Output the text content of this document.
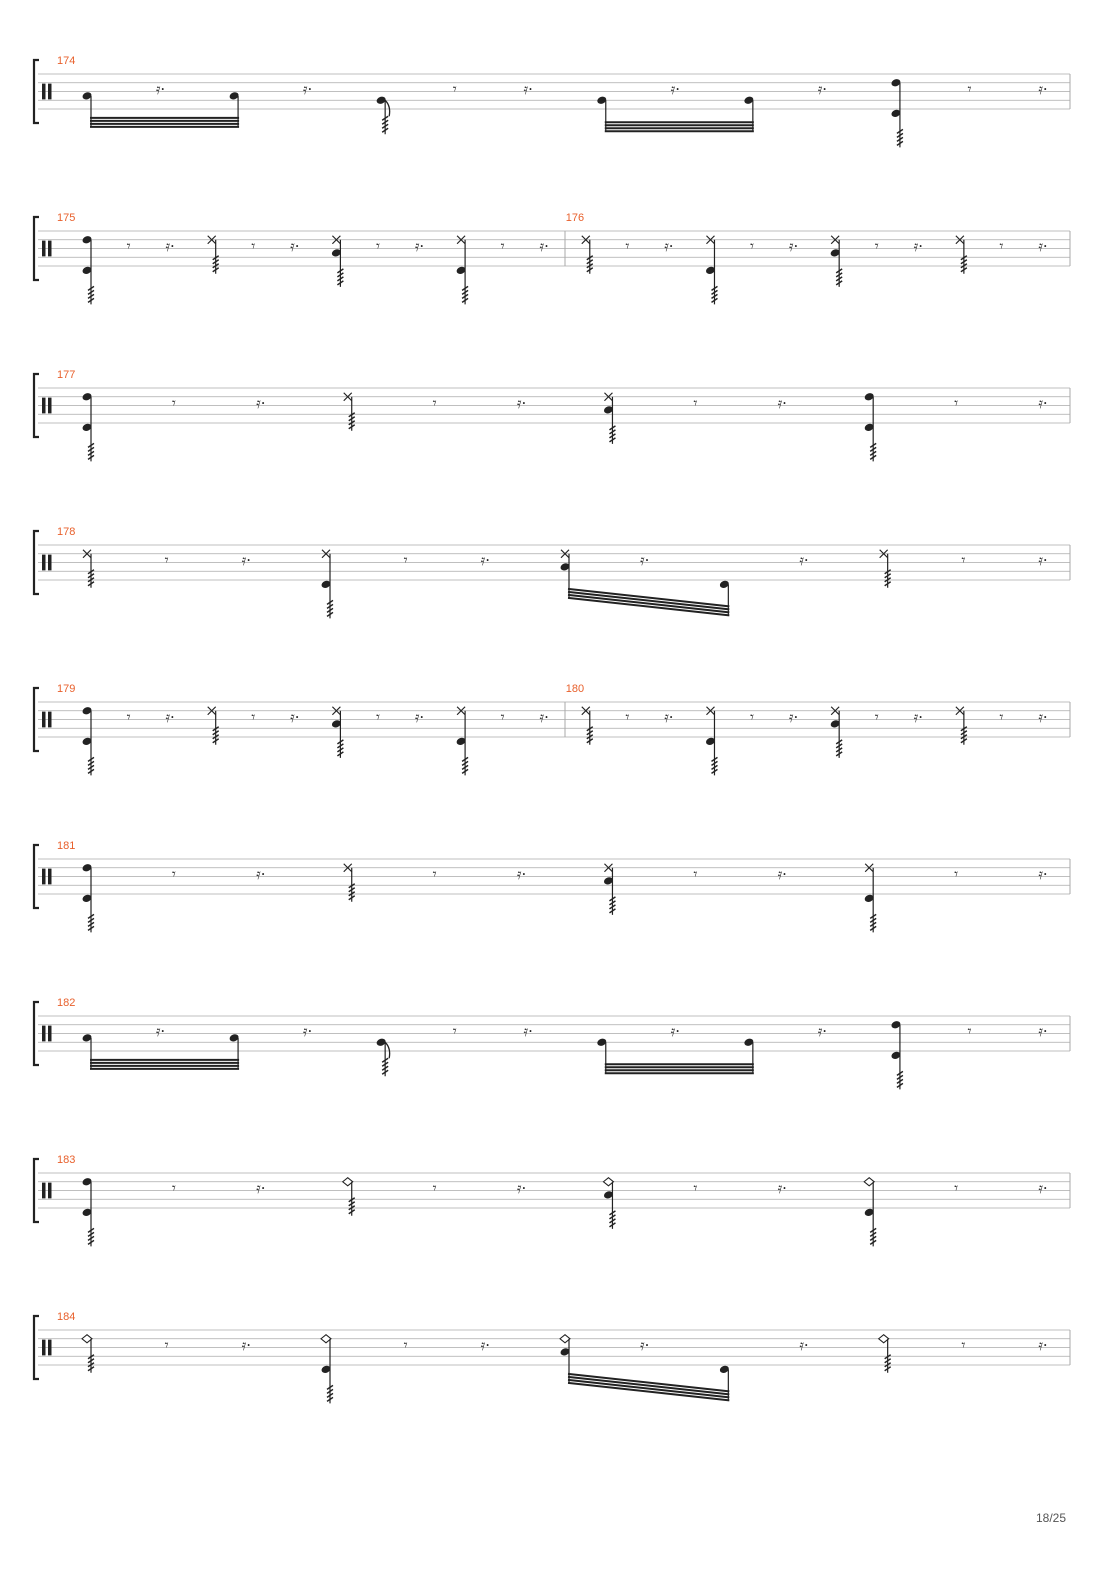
𝄿·	𝄿·	𝄾	𝄿·	𝄿·	𝄿·	𝄾	𝄿·
174
𝄾 𝄿·	𝄾 𝄿·	𝄾 𝄿·	𝄾 𝄿·	𝄾 𝄿·	𝄾 𝄿·	𝄾 𝄿·	𝄾 𝄿·
175	176
𝄾	𝄿·	𝄾	𝄿·	𝄾	𝄿·	𝄾	𝄿·
177
𝄾	𝄿·	𝄾	𝄿·	𝄿·	𝄿·	𝄾	𝄿·
178
𝄾 𝄿·	𝄾 𝄿·	𝄾 𝄿·	𝄾 𝄿·	𝄾 𝄿·	𝄾 𝄿·	𝄾 𝄿·	𝄾 𝄿·
179	180
𝄾	𝄿·	𝄾	𝄿·	𝄾	𝄿·	𝄾	𝄿·
181
𝄿·	𝄿·	𝄾	𝄿·	𝄿·	𝄿·	𝄾	𝄿·
182
𝄾	𝄿·	𝄾	𝄿·	𝄾	𝄿·	𝄾	𝄿·
183
𝄾	𝄿·	𝄾	𝄿·	𝄿·	𝄿·	𝄾	𝄿·
184
18/25
